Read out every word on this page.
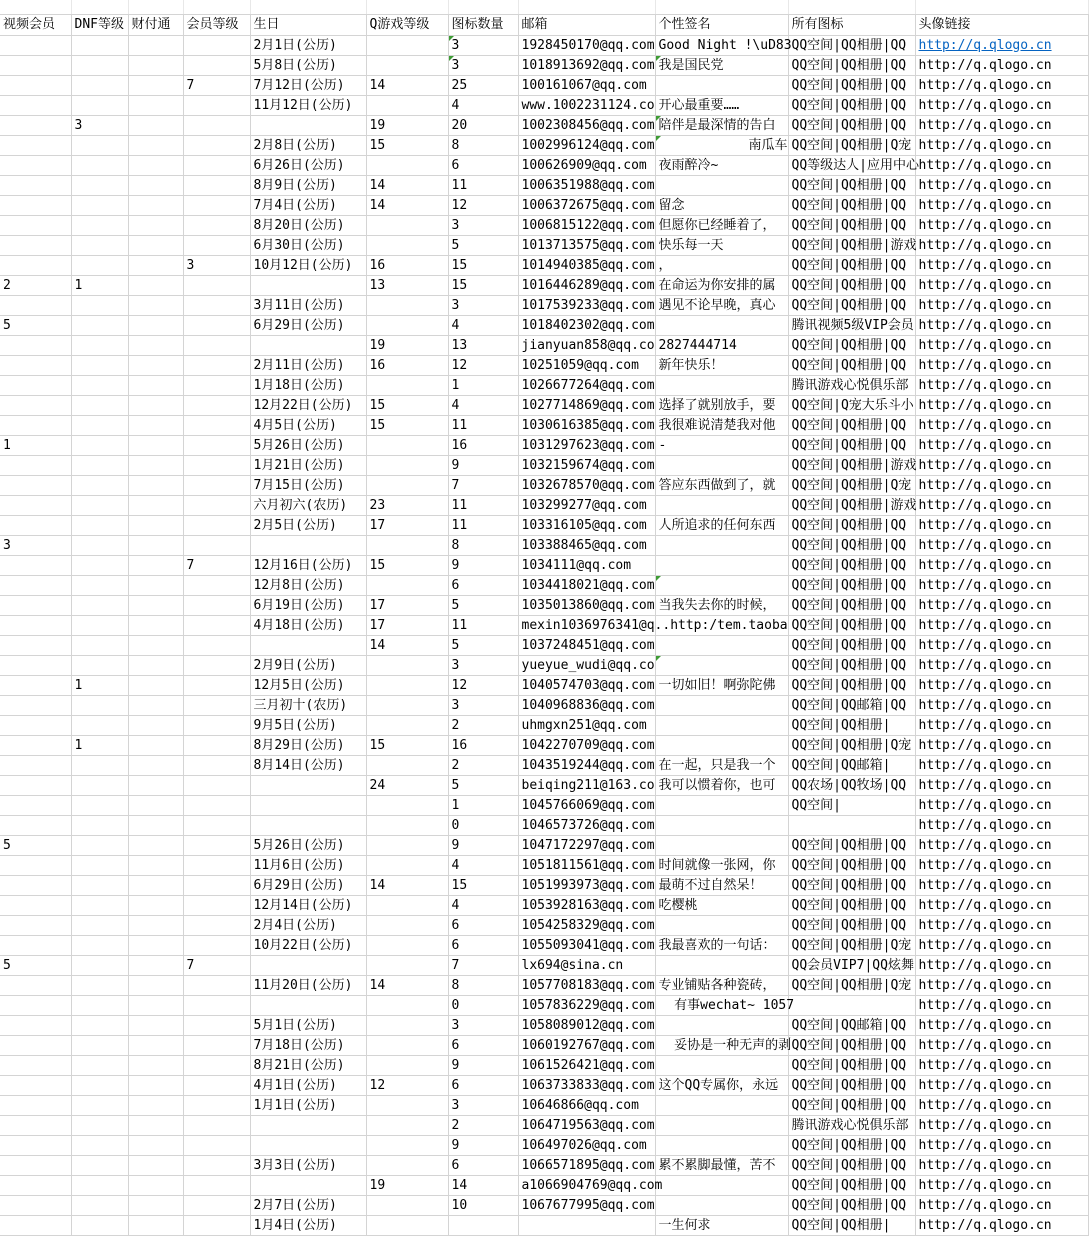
视频会员	DNF等级	财付通	会员等级	生日	Q游戏等级	图标数量	邮箱	个性签名	所有图标	头像链接
				2月1日(公历)		3	1928450170@qq.com	Good Night !\uD83	QQ空间|QQ相册|QQ	http://q.qlogo.cn
				5月8日(公历)		3	1018913692@qq.com	我是国民党	QQ空间|QQ相册|QQ	http://q.qlogo.cn
			7	7月12日(公历)	14	25	100161067@qq.com		QQ空间|QQ相册|QQ	http://q.qlogo.cn
				11月12日(公历)		4	www.1002231124.co	开心最重要……	QQ空间|QQ相册|QQ	http://q.qlogo.cn
	3				19	20	1002308456@qq.com	陪伴是最深情的告白	QQ空间|QQ相册|QQ	http://q.qlogo.cn
				2月8日(公历)	15	8	1002996124@qq.com	南瓜车	QQ空间|QQ相册|Q宠	http://q.qlogo.cn
				6月26日(公历)		6	100626909@qq.com	夜雨醉冷~	QQ等级达人|应用中心	http://q.qlogo.cn
				8月9日(公历)	14	11	1006351988@qq.com		QQ空间|QQ相册|QQ	http://q.qlogo.cn
				7月4日(公历)	14	12	1006372675@qq.com	留念	QQ空间|QQ相册|QQ	http://q.qlogo.cn
				8月20日(公历)		3	1006815122@qq.com	但愿你已经睡着了，	QQ空间|QQ相册|QQ	http://q.qlogo.cn
				6月30日(公历)		5	1013713575@qq.com	快乐每一天	QQ空间|QQ相册|游戏	http://q.qlogo.cn
			3	10月12日(公历)	16	15	1014940385@qq.com	，	QQ空间|QQ相册|QQ	http://q.qlogo.cn
2	1				13	15	1016446289@qq.com	在命运为你安排的属	QQ空间|QQ相册|QQ	http://q.qlogo.cn
				3月11日(公历)		3	1017539233@qq.com	遇见不论早晚，真心	QQ空间|QQ相册|QQ	http://q.qlogo.cn
5				6月29日(公历)		4	1018402302@qq.com		腾讯视频5级VIP会员	http://q.qlogo.cn
					19	13	jianyuan858@qq.co	2827444714	QQ空间|QQ相册|QQ	http://q.qlogo.cn
				2月11日(公历)	16	12	10251059@qq.com	新年快乐！	QQ空间|QQ相册|QQ	http://q.qlogo.cn
				1月18日(公历)		1	1026677264@qq.com		腾讯游戏心悦俱乐部	http://q.qlogo.cn
				12月22日(公历)	15	4	1027714869@qq.com	选择了就别放手，要	QQ空间|Q宠大乐斗小	http://q.qlogo.cn
				4月5日(公历)	15	11	1030616385@qq.com	我很难说清楚我对他	QQ空间|QQ相册|QQ	http://q.qlogo.cn
1				5月26日(公历)		16	1031297623@qq.com	-	QQ空间|QQ相册|QQ	http://q.qlogo.cn
				1月21日(公历)		9	1032159674@qq.com		QQ空间|QQ相册|游戏	http://q.qlogo.cn
				7月15日(公历)		7	1032678570@qq.com	答应东西做到了，就	QQ空间|QQ相册|Q宠	http://q.qlogo.cn
				六月初六(农历)	23	11	103299277@qq.com		QQ空间|QQ相册|游戏	http://q.qlogo.cn
				2月5日(公历)	17	11	103316105@qq.com	人所追求的任何东西	QQ空间|QQ相册|QQ	http://q.qlogo.cn
3						8	103388465@qq.com		QQ空间|QQ相册|QQ	http://q.qlogo.cn
			7	12月16日(公历)	15	9	1034111@qq.com		QQ空间|QQ相册|QQ	http://q.qlogo.cn
				12月8日(公历)		6	1034418021@qq.com		QQ空间|QQ相册|QQ	http://q.qlogo.cn
				6月19日(公历)	17	5	1035013860@qq.com	当我失去你的时候，	QQ空间|QQ相册|QQ	http://q.qlogo.cn
				4月18日(公历)	17	11	mexin1036976341@q..http:/tem.taoba		QQ空间|QQ相册|QQ	http://q.qlogo.cn
					14	5	1037248451@qq.com		QQ空间|QQ相册|QQ	http://q.qlogo.cn
				2月9日(公历)		3	yueyue_wudi@qq.co		QQ空间|QQ相册|QQ	http://q.qlogo.cn
	1			12月5日(公历)		12	1040574703@qq.com	一切如旧！啊弥陀佛	QQ空间|QQ相册|QQ	http://q.qlogo.cn
				三月初十(农历)		3	1040968836@qq.com		QQ空间|QQ邮箱|QQ	http://q.qlogo.cn
				9月5日(公历)		2	uhmgxn251@qq.com		QQ空间|QQ相册|	http://q.qlogo.cn
	1			8月29日(公历)	15	16	1042270709@qq.com		QQ空间|QQ相册|Q宠	http://q.qlogo.cn
				8月14日(公历)		2	1043519244@qq.com	在一起，只是我一个	QQ空间|QQ邮箱|	http://q.qlogo.cn
					24	5	beiqing211@163.co	我可以惯着你，也可	QQ农场|QQ牧场|QQ	http://q.qlogo.cn
						1	1045766069@qq.com		QQ空间|	http://q.qlogo.cn
						0	1046573726@qq.com			http://q.qlogo.cn
5				5月26日(公历)		9	1047172297@qq.com		QQ空间|QQ相册|QQ	http://q.qlogo.cn
				11月6日(公历)		4	1051811561@qq.com	时间就像一张网，你	QQ空间|QQ相册|QQ	http://q.qlogo.cn
				6月29日(公历)	14	15	1051993973@qq.com	最萌不过自然呆！	QQ空间|QQ相册|QQ	http://q.qlogo.cn
				12月14日(公历)		4	1053928163@qq.com	吃樱桃	QQ空间|QQ相册|QQ	http://q.qlogo.cn
				2月4日(公历)		6	1054258329@qq.com		QQ空间|QQ相册|QQ	http://q.qlogo.cn
				10月22日(公历)		6	1055093041@qq.com	我最喜欢的一句话：	QQ空间|QQ相册|Q宠	http://q.qlogo.cn
5			7			7	lx694@sina.cn		QQ会员VIP7|QQ炫舞	http://q.qlogo.cn
				11月20日(公历)	14	8	1057708183@qq.com	专业铺贴各种瓷砖，	QQ空间|QQ相册|Q宠	http://q.qlogo.cn
						0	1057836229@qq.com	有事wechat~ 1057		http://q.qlogo.cn
				5月1日(公历)		3	1058089012@qq.com		QQ空间|QQ邮箱|QQ	http://q.qlogo.cn
				7月18日(公历)		6	1060192767@qq.com	妥协是一种无声的剥	QQ空间|QQ相册|QQ	http://q.qlogo.cn
				8月21日(公历)		9	1061526421@qq.com		QQ空间|QQ相册|QQ	http://q.qlogo.cn
				4月1日(公历)	12	6	1063733833@qq.com	这个QQ专属你，永远	QQ空间|QQ相册|QQ	http://q.qlogo.cn
				1月1日(公历)		3	10646866@qq.com		QQ空间|QQ相册|QQ	http://q.qlogo.cn
						2	1064719563@qq.com		腾讯游戏心悦俱乐部	http://q.qlogo.cn
						9	106497026@qq.com		QQ空间|QQ相册|QQ	http://q.qlogo.cn
				3月3日(公历)		6	1066571895@qq.com	累不累脚最懂，苦不	QQ空间|QQ相册|QQ	http://q.qlogo.cn
					19	14	a1066904769@qq.com		QQ空间|QQ相册|QQ	http://q.qlogo.cn
				2月7日(公历)		10	1067677995@qq.com		QQ空间|QQ相册|QQ	http://q.qlogo.cn
				1月4日(公历)				一生何求	QQ空间|QQ相册|	http://q.qlogo.cn
